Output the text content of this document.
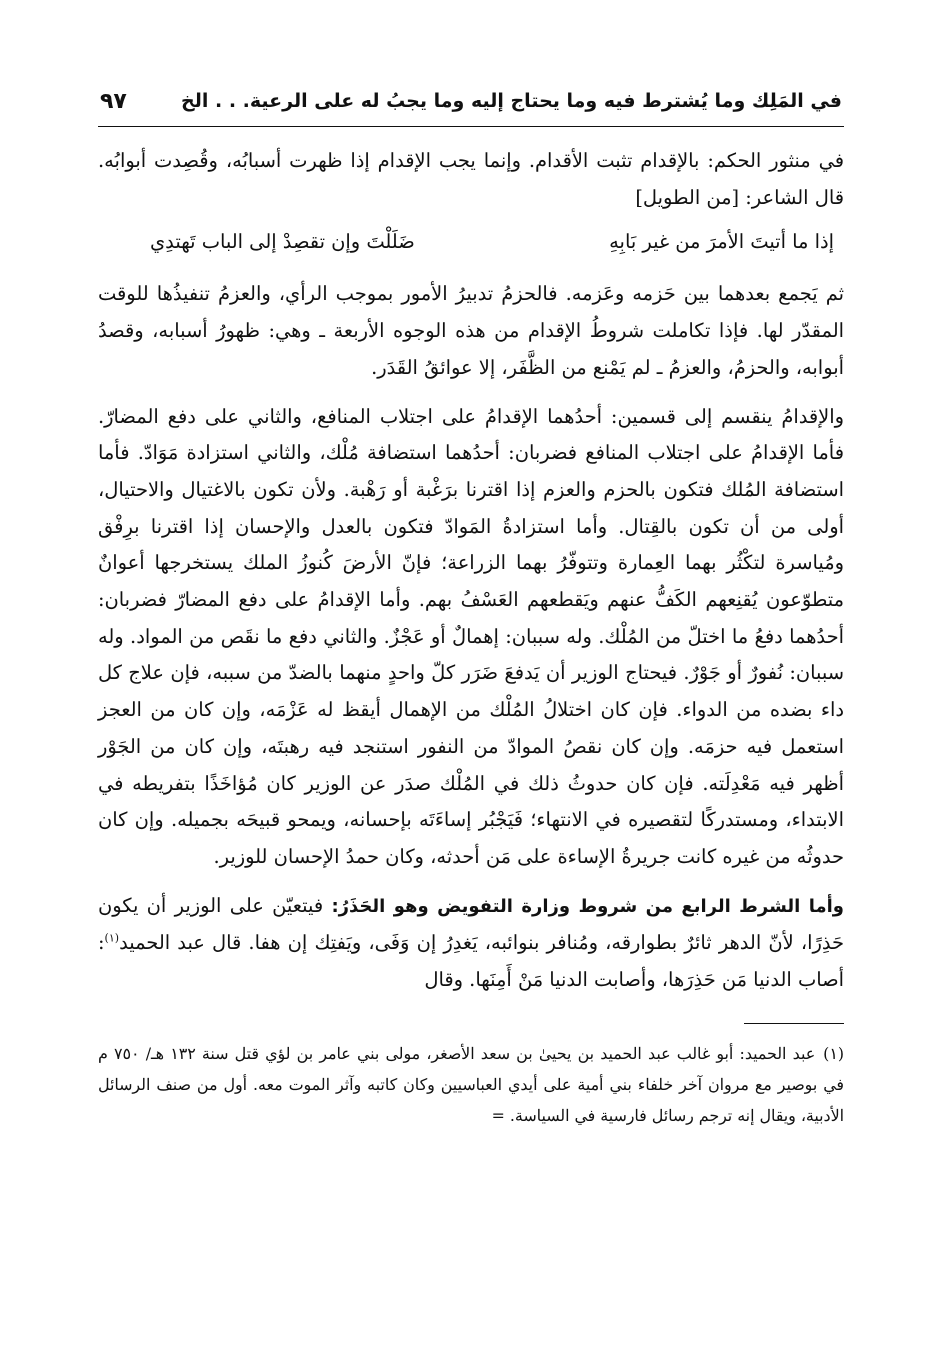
في المَلِك وما يُشترط فيه وما يحتاج إليه وما يجبُ له على الرعية. . . الخ
٩٧

في منثور الحكم: بالإقدام تثبت الأقدام. وإنما يجب الإقدام إذا ظهرت أسبابُه، وقُصِدت أبوابُه. قال الشاعر: [من الطويل]

إذا ما أتيتَ الأمرَ من غير بَابِهِ
ضَلَلْتَ وإن تقصِدْ إلى الباب تَهتدِي

ثم يَجمع بعدهما بين حَزمه وعَزمه. فالحزمُ تدبيرُ الأمور بموجب الرأي، والعزمُ تنفيذُها للوقت المقدّر لها. فإذا تكاملت شروطُ الإقدام من هذه الوجوه الأربعة ـ وهي: ظهورُ أسبابه، وقصدُ أبوابه، والحزمُ، والعزمُ ـ لم يَمْنع من الظَّفَر، إلا عوائقُ القَدَر.

والإقدامُ ينقسم إلى قسمين: أحدُهما الإقدامُ على اجتلاب المنافع، والثاني على دفع المضارّ. فأما الإقدامُ على اجتلاب المنافع فضربان: أحدُهما استضافة مُلْك، والثاني استزادة مَوَادّ. فأما استضافة المُلك فتكون بالحزم والعزم إذا اقترنا برَغْبة أو رَهْبة. ولأن تكون بالاغتيال والاحتيال، أولى من أن تكون بالقِتال. وأما استزادةُ المَوادّ فتكون بالعدل والإحسان إذا اقترنا برِفْق ومُياسرة لتكْثُر بهما العِمارة وتتوفّرُ بهما الزراعة؛ فإنّ الأرضَ كُنوزُ الملك يستخرجها أعوانٌ متطوّعون يُقنِعهم الكَفُّ عنهم ويَقطعهم العَسْفُ بهم. وأما الإقدامُ على دفع المضارّ فضربان: أحدُهما دفعُ ما اختلّ من المُلْك. وله سببان: إهمالٌ أو عَجْزٌ. والثاني دفع ما نقَص من المواد. وله سببان: نُفورٌ أو جَوْرٌ. فيحتاج الوزير أن يَدفعَ ضَرَر كلّ واحدٍ منهما بالضدّ من سببه، فإن علاج كل داء بضده من الدواء. فإن كان اختلالُ المُلْك من الإهمال أيقظ له عَزْمَه، وإن كان من العجز استعمل فيه حزمَه. وإن كان نقصُ الموادّ من النفور استنجد فيه رهبتَه، وإن كان من الجَوْر أظهر فيه مَعْدِلَته. فإن كان حدوثُ ذلك في المُلْك صدَر عن الوزير كان مُؤاخَذًا بتفريطه في الابتداء، ومستدركًا لتقصيره في الانتهاء؛ فَيَجْبُر إساءَتَه بإحسانه، ويمحو قبيحَه بجميله. وإن كان حدوثُه من غيره كانت جريرةُ الإساءة على مَن أحدثه، وكان حمدُ الإحسان للوزير.

وأما الشرط الرابع من شروط وزارة التفويض وهو الحَذَرُ: فيتعيّن على الوزير أن يكون حَذِرًا، لأنّ الدهر ثائرٌ بطوارقه، ومُنافر بنوائبه، يَغدِرُ إن وَفَى، ويَفتِك إن هفا. قال عبد الحميد$^{(١)}$: أصاب الدنيا مَن حَذِرَها، وأصابت الدنيا مَنْ أَمِنَها. وقال

(١)عبد الحميد: أبو غالب عبد الحميد بن يحيىٰ بن سعد الأصغر، مولى بني عامر بن لؤي قتل سنة ١٣٢ هـ/ ٧٥٠ م في بوصير مع مروان آخر خلفاء بني أمية على أيدي العباسيين وكان كاتبه وآثر الموت معه. أول من صنف الرسائل الأدبية، ويقال إنه ترجم رسائل فارسية في السياسة. =
